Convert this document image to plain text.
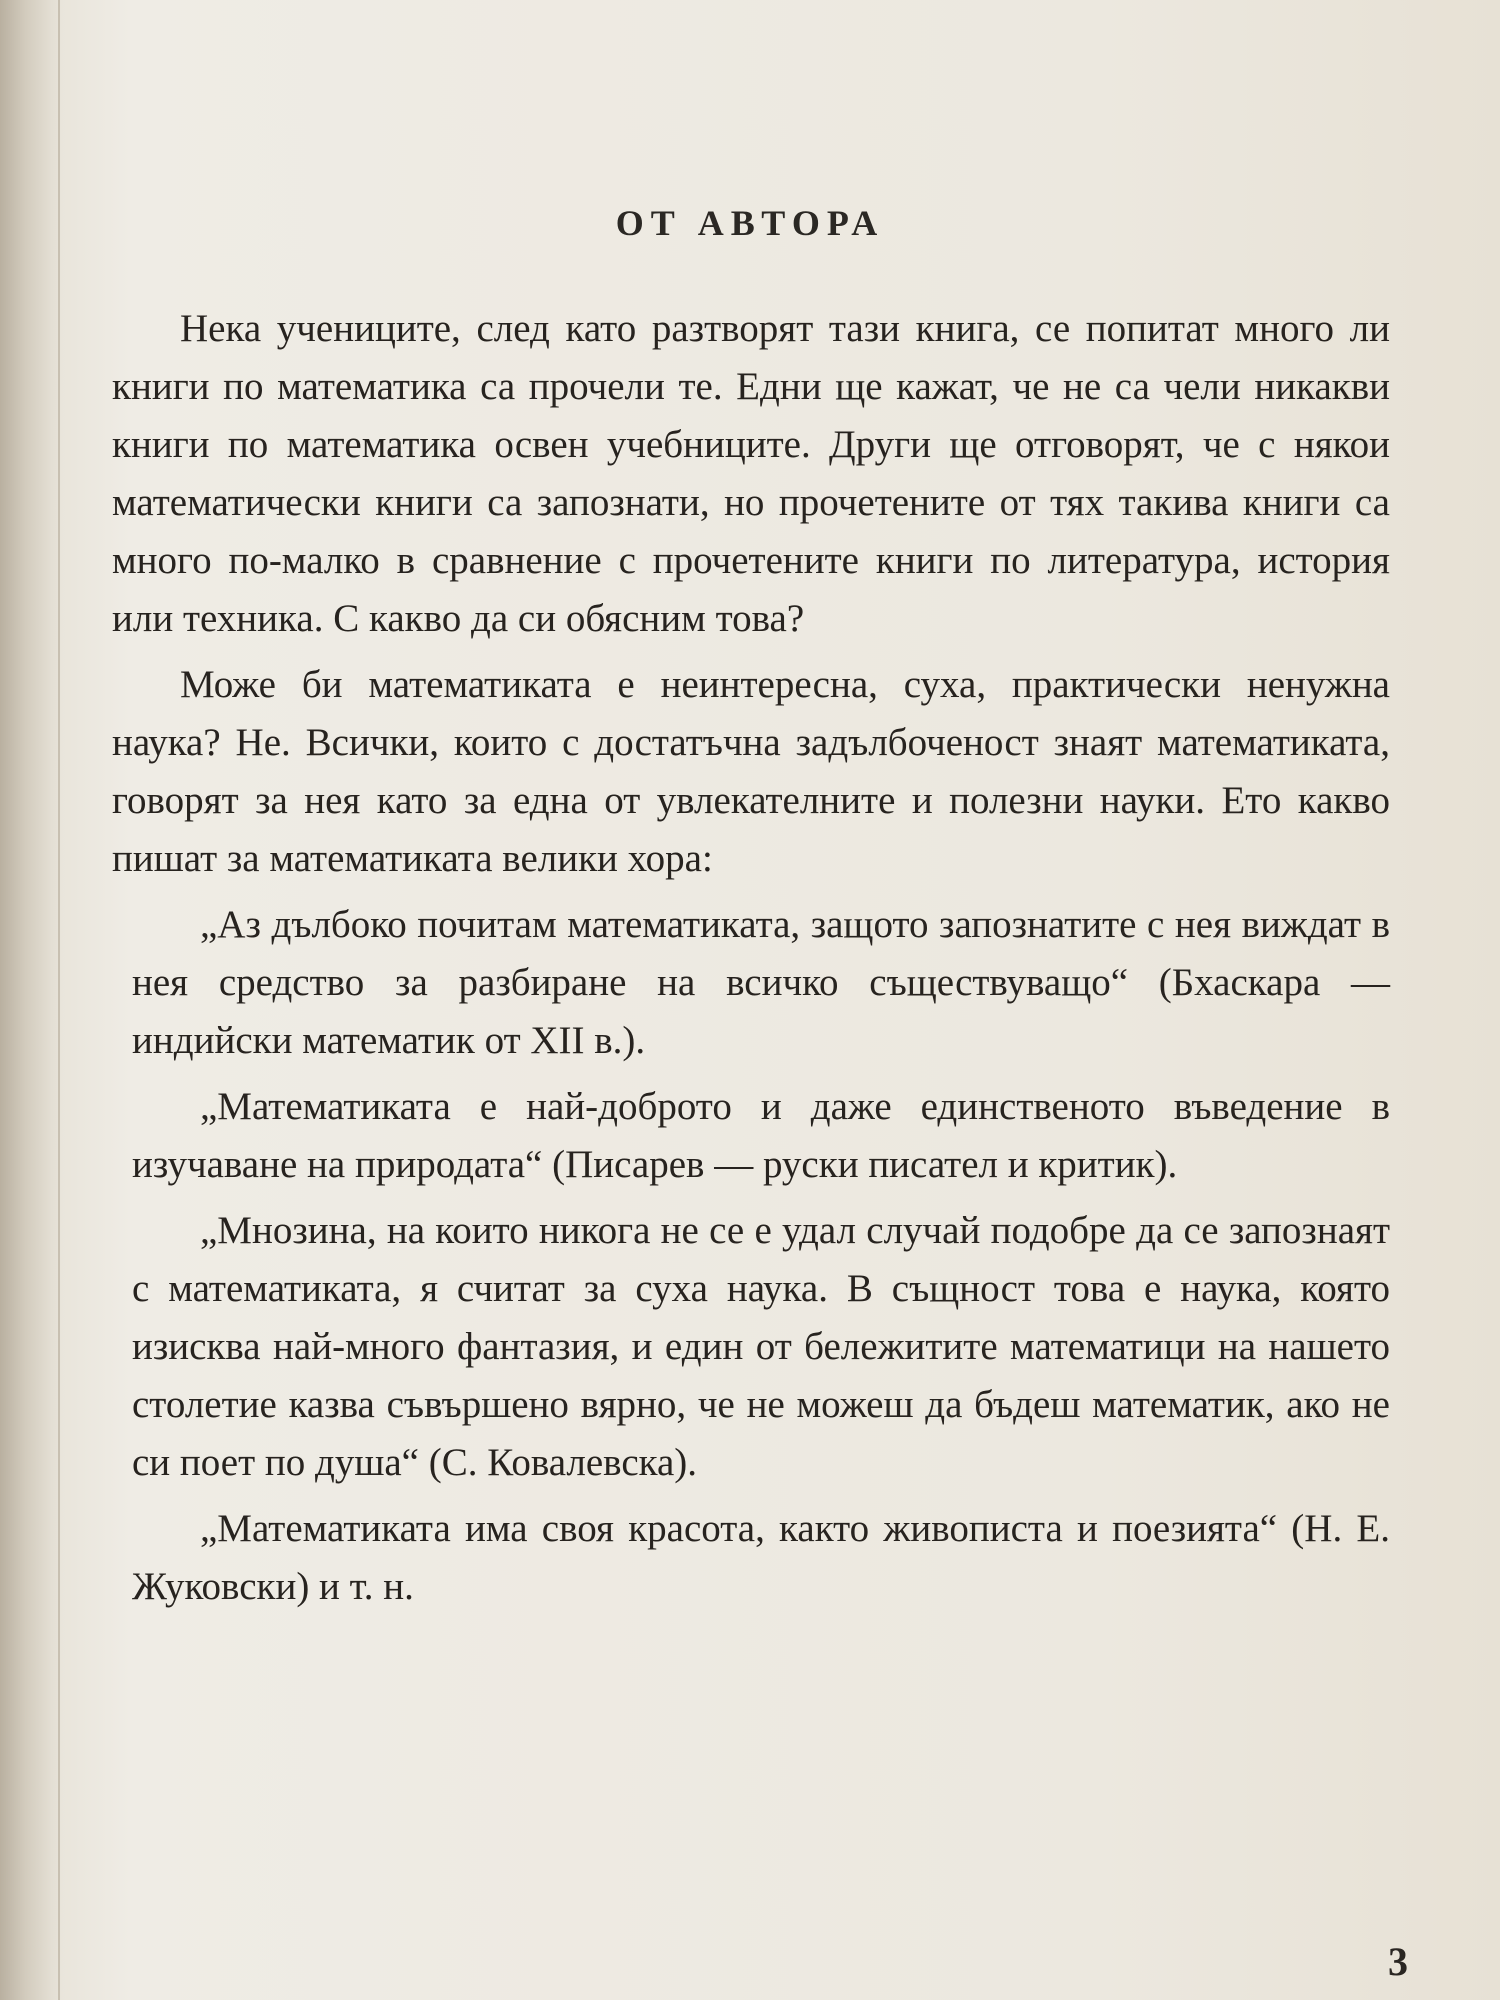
ОТ АВТОРА

Нека учениците, след като разтворят тази книга, се попитат много ли книги по математика са прочели те. Едни ще кажат, че не са чели никакви книги по математика освен учебниците. Други ще отговорят, че с някои математически книги са запознати, но прочетените от тях такива книги са много по-малко в сравнение с прочетените книги по литература, история или техника. С какво да си обясним това?

Може би математиката е неинтересна, суха, практически ненужна наука? Не. Всички, които с достатъчна задълбоченост знаят математиката, говорят за нея като за една от увлекателните и полезни науки. Ето какво пишат за математиката велики хора:

„Аз дълбоко почитам математиката, защото запознатите с нея виждат в нея средство за разбиране на всичко съществуващо“ (Бхаскара — индийски математик от XII в.).

„Математиката е най-доброто и даже единственото въведение в изучаване на природата“ (Писарев — руски писател и критик).

„Мнозина, на които никога не се е удал случай подобре да се запознаят с математиката, я считат за суха наука. В същност това е наука, която изисква най-много фантазия, и един от бележитите математици на нашето столетие казва съвършено вярно, че не можеш да бъдеш математик, ако не си поет по душа“ (С. Ковалевска).

„Математиката има своя красота, както живописта и поезията“ (Н. Е. Жуковски) и т. н.

3
